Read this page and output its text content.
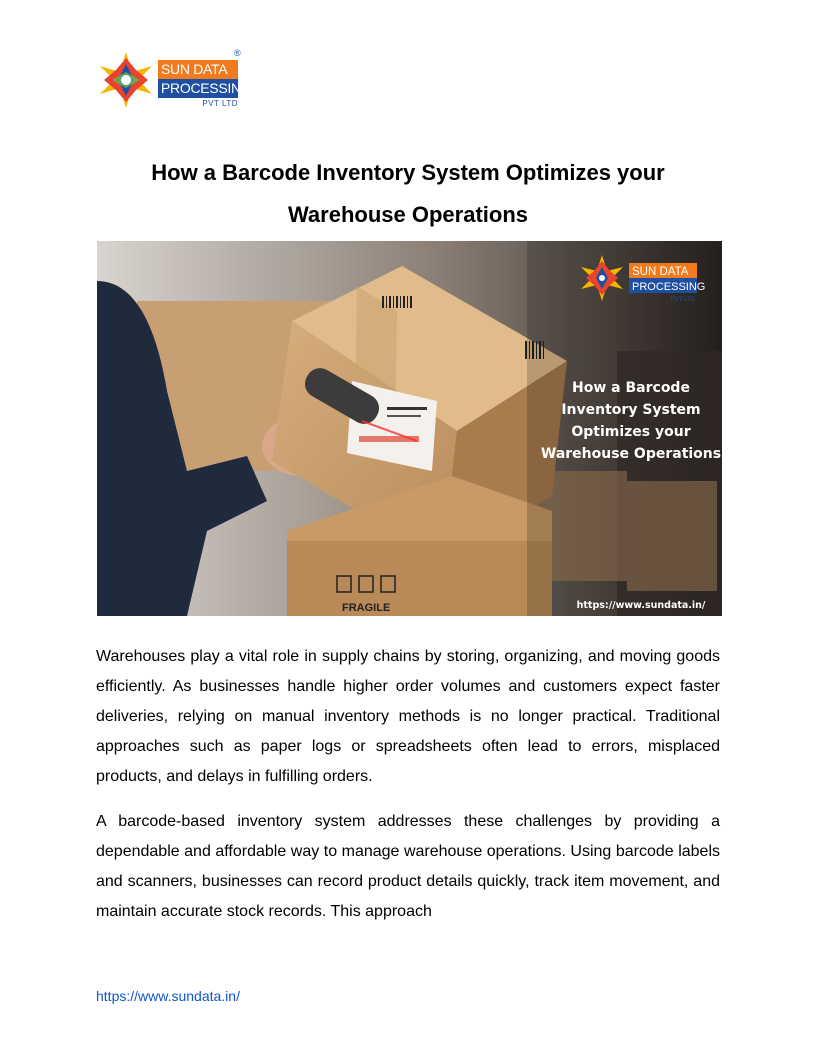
®
SUN DATA
PROCESSING
PVT LTD
How a Barcode Inventory System Optimizes your Warehouse Operations
FRAGILE
SUN DATA
PROCESSING
PVT LTD
How a Barcode
Inventory System
Optimizes your
Warehouse Operations
https://www.sundata.in/

Warehouses play a vital role in supply chains by storing, organizing, and moving goods efficiently. As businesses handle higher order volumes and customers expect faster deliveries, relying on manual inventory methods is no longer practical. Traditional approaches such as paper logs or spreadsheets often lead to errors, misplaced products, and delays in fulfilling orders.

A barcode-based inventory system addresses these challenges by providing a dependable and affordable way to manage warehouse operations. Using barcode labels and scanners, businesses can record product details quickly, track item movement, and maintain accurate stock records. This approach

https://www.sundata.in/
